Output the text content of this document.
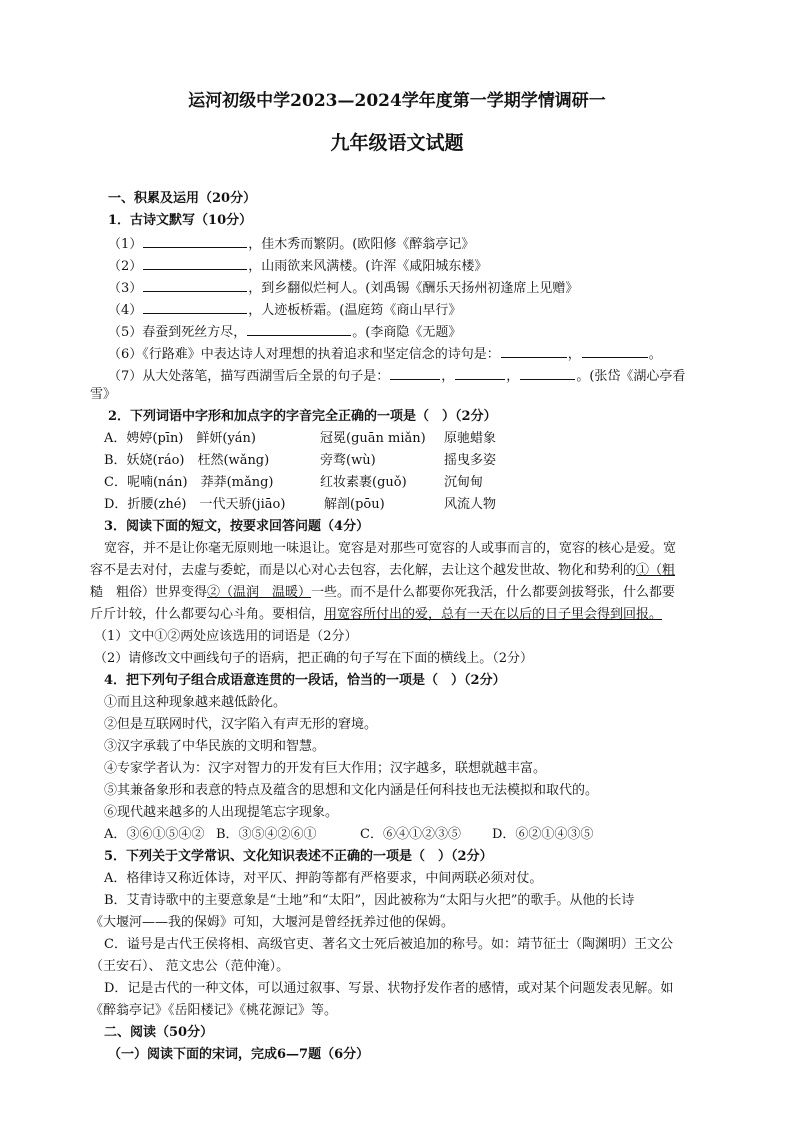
运河初级中学2023—2024学年度第一学期学情调研一
九年级语文试题
一、积累及运用（20分）
1．古诗文默写（10分）
（1）	，佳木秀而繁阴。(欧阳修《醉翁亭记》
（2）	，山雨欲来风满楼。(许浑《咸阳城东楼》
（3）	，到乡翻似烂柯人。(刘禹锡《酬乐天扬州初逢席上见赠》
（4）	，人迹板桥霜。(温庭筠《商山早行》
（5）春蚕到死丝方尽，	。(李商隐《无题》
（6）《行路难》中表达诗人对理想的执着追求和坚定信念的诗句是：	，	。
（7）从大处落笔，描写西湖雪后全景的句子是：	，	，	。(张岱《湖心亭看
雪》
2．下列词语中字形和加点字的字音完全正确的一项是（　）（2分）
A．娉婷(pīn)　鲜妍(yán)	冠冕(guān miǎn) 原驰蜡象
B．妖娆(ráo)　枉然(wǎng)	旁骛(wù)	摇曳多姿
C．呢喃(nán)　莽莽(mǎng)	红妆素裹(guǒ)	沉甸甸
D．折腰(zhé)　一代天骄(jiāo)	解剖(pōu)	风流人物
3．阅读下面的短文，按要求回答问题（4分）
宽容，并不是让你毫无原则地一味退让。宽容是对那些可宽容的人或事而言的，宽容的核心是爱。宽
容不是去对付，去虚与委蛇，而是以心对心去包容，去化解，去让这个越发世故、物化和势利的①（粗
糙　粗俗）世界变得②（温润　温暖）一些。而不是什么都要你死我活，什么都要剑拔弩张，什么都要
斤斤计较，什么都要勾心斗角。要相信，用宽容所付出的爱，总有一天在以后的日子里会得到回报。
（1）文中①②两处应该选用的词语是（2分）
（2）请修改文中画线句子的语病，把正确的句子写在下面的横线上。（2分）
4．把下列句子组合成语意连贯的一段话，恰当的一项是（　）（2分）
①而且这种现象越来越低龄化。
②但是互联网时代，汉字陷入有声无形的窘境。
③汉字承载了中华民族的文明和智慧。
④专家学者认为：汉字对智力的开发有巨大作用；汉字越多，联想就越丰富。
⑤其兼备象形和表意的特点及蕴含的思想和文化内涵是任何科技也无法模拟和取代的。
⑥现代越来越多的人出现提笔忘字现象。
A．③⑥①⑤④② B．③⑤④②⑥①	C．⑥④①②③⑤ D．⑥②①④③⑤
5．下列关于文学常识、文化知识表述不正确的一项是（　）（2分）
A．格律诗又称近体诗，对平仄、押韵等都有严格要求，中间两联必须对仗。
B．艾青诗歌中的主要意象是“土地”和“太阳”，因此被称为“太阳与火把”的歌手。从他的长诗
《大堰河——我的保姆》可知，大堰河是曾经抚养过他的保姆。
C．谥号是古代王侯将相、高级官吏、著名文士死后被追加的称号。如：靖节征士（陶渊明）王文公
（王安石）、 范文忠公（范仲淹）。
D．记是古代的一种文体，可以通过叙事、写景、状物抒发作者的感情，或对某个问题发表见解。如
《醉翁亭记》《岳阳楼记》《桃花源记》等。
二、阅读（50分）
（一）阅读下面的宋词，完成6—7题（6分）
